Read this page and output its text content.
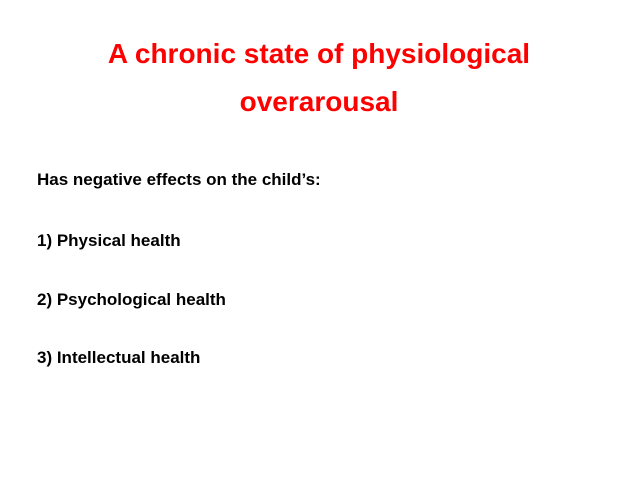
A chronic state of physiological
overarousal

Has negative effects on the child’s:

1) Physical health

2) Psychological health

3) Intellectual health
